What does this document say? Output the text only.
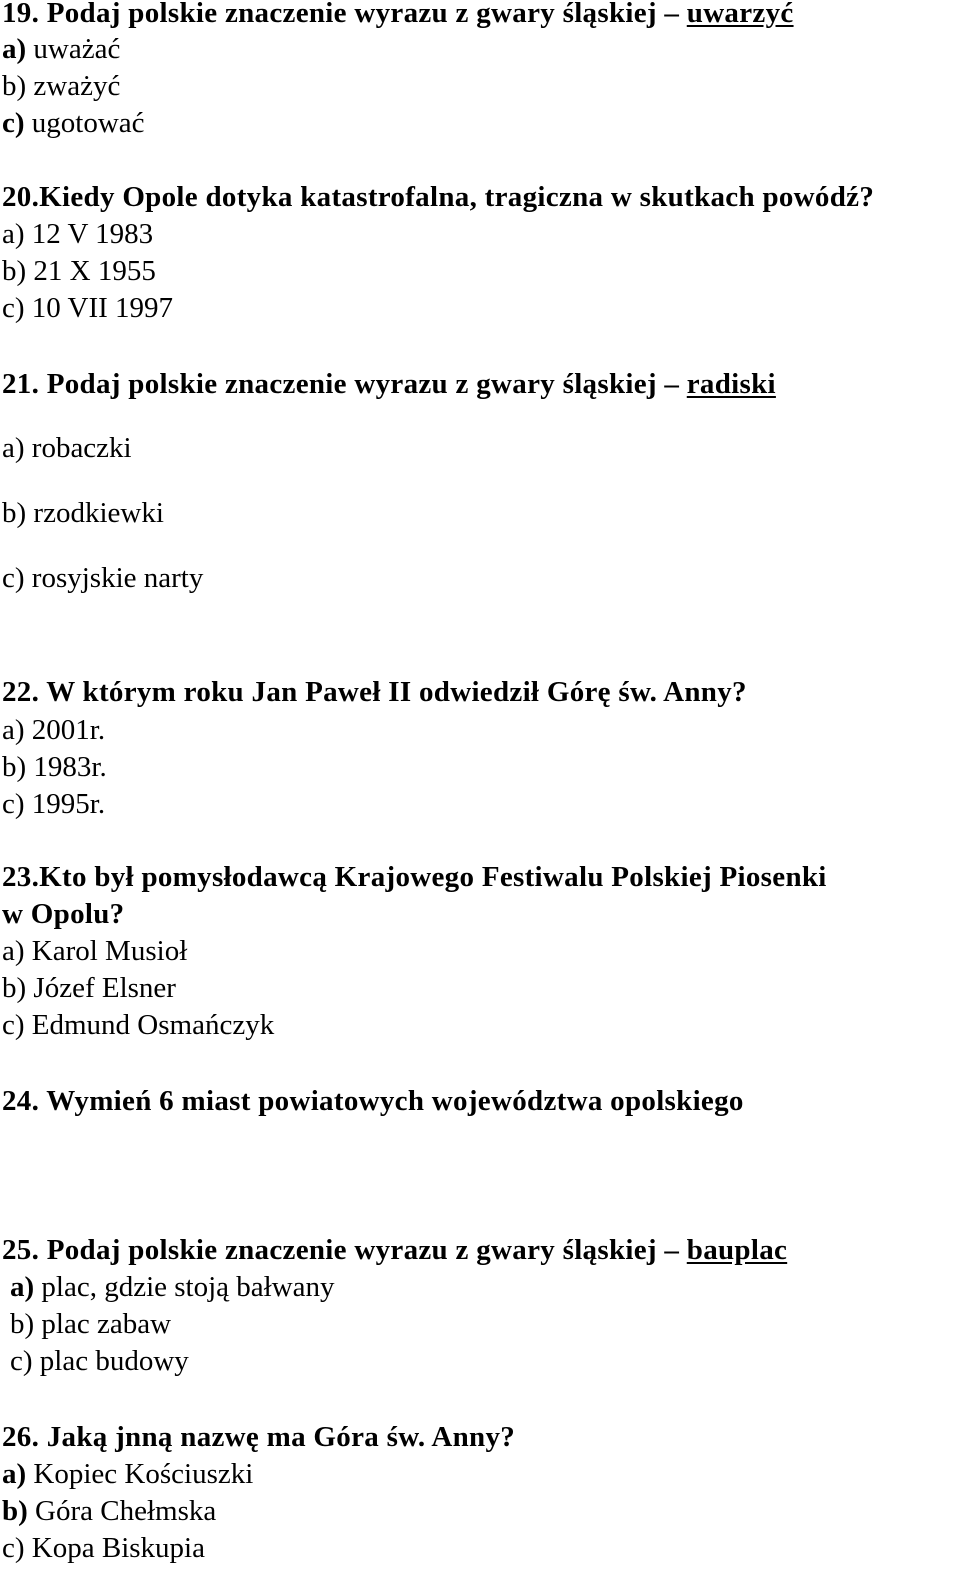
19. Podaj polskie znaczenie wyrazu z gwary śląskiej – uwarzyć
a) uważać
b) zważyć
c) ugotować
20.Kiedy Opole dotyka katastrofalna, tragiczna w skutkach powódź?
a) 12 V 1983
b) 21 X 1955
c) 10 VII 1997
21. Podaj polskie znaczenie wyrazu z gwary śląskiej – radiski
a) robaczki
b) rzodkiewki
c) rosyjskie narty
22. W którym roku Jan Paweł II odwiedził Górę św. Anny?
a) 2001r.
b) 1983r.
c) 1995r.
23.Kto był pomysłodawcą Krajowego Festiwalu Polskiej Piosenki
w Opolu?
a) Karol Musioł
b) Józef Elsner
c) Edmund Osmańczyk
24. Wymień 6 miast powiatowych województwa opolskiego
25. Podaj polskie znaczenie wyrazu z gwary śląskiej – bauplac
a) plac, gdzie stoją bałwany
b) plac zabaw
c) plac budowy
26. Jaką jnną nazwę ma Góra św. Anny?
a) Kopiec Kościuszki
b) Góra Chełmska
c) Kopa Biskupia
